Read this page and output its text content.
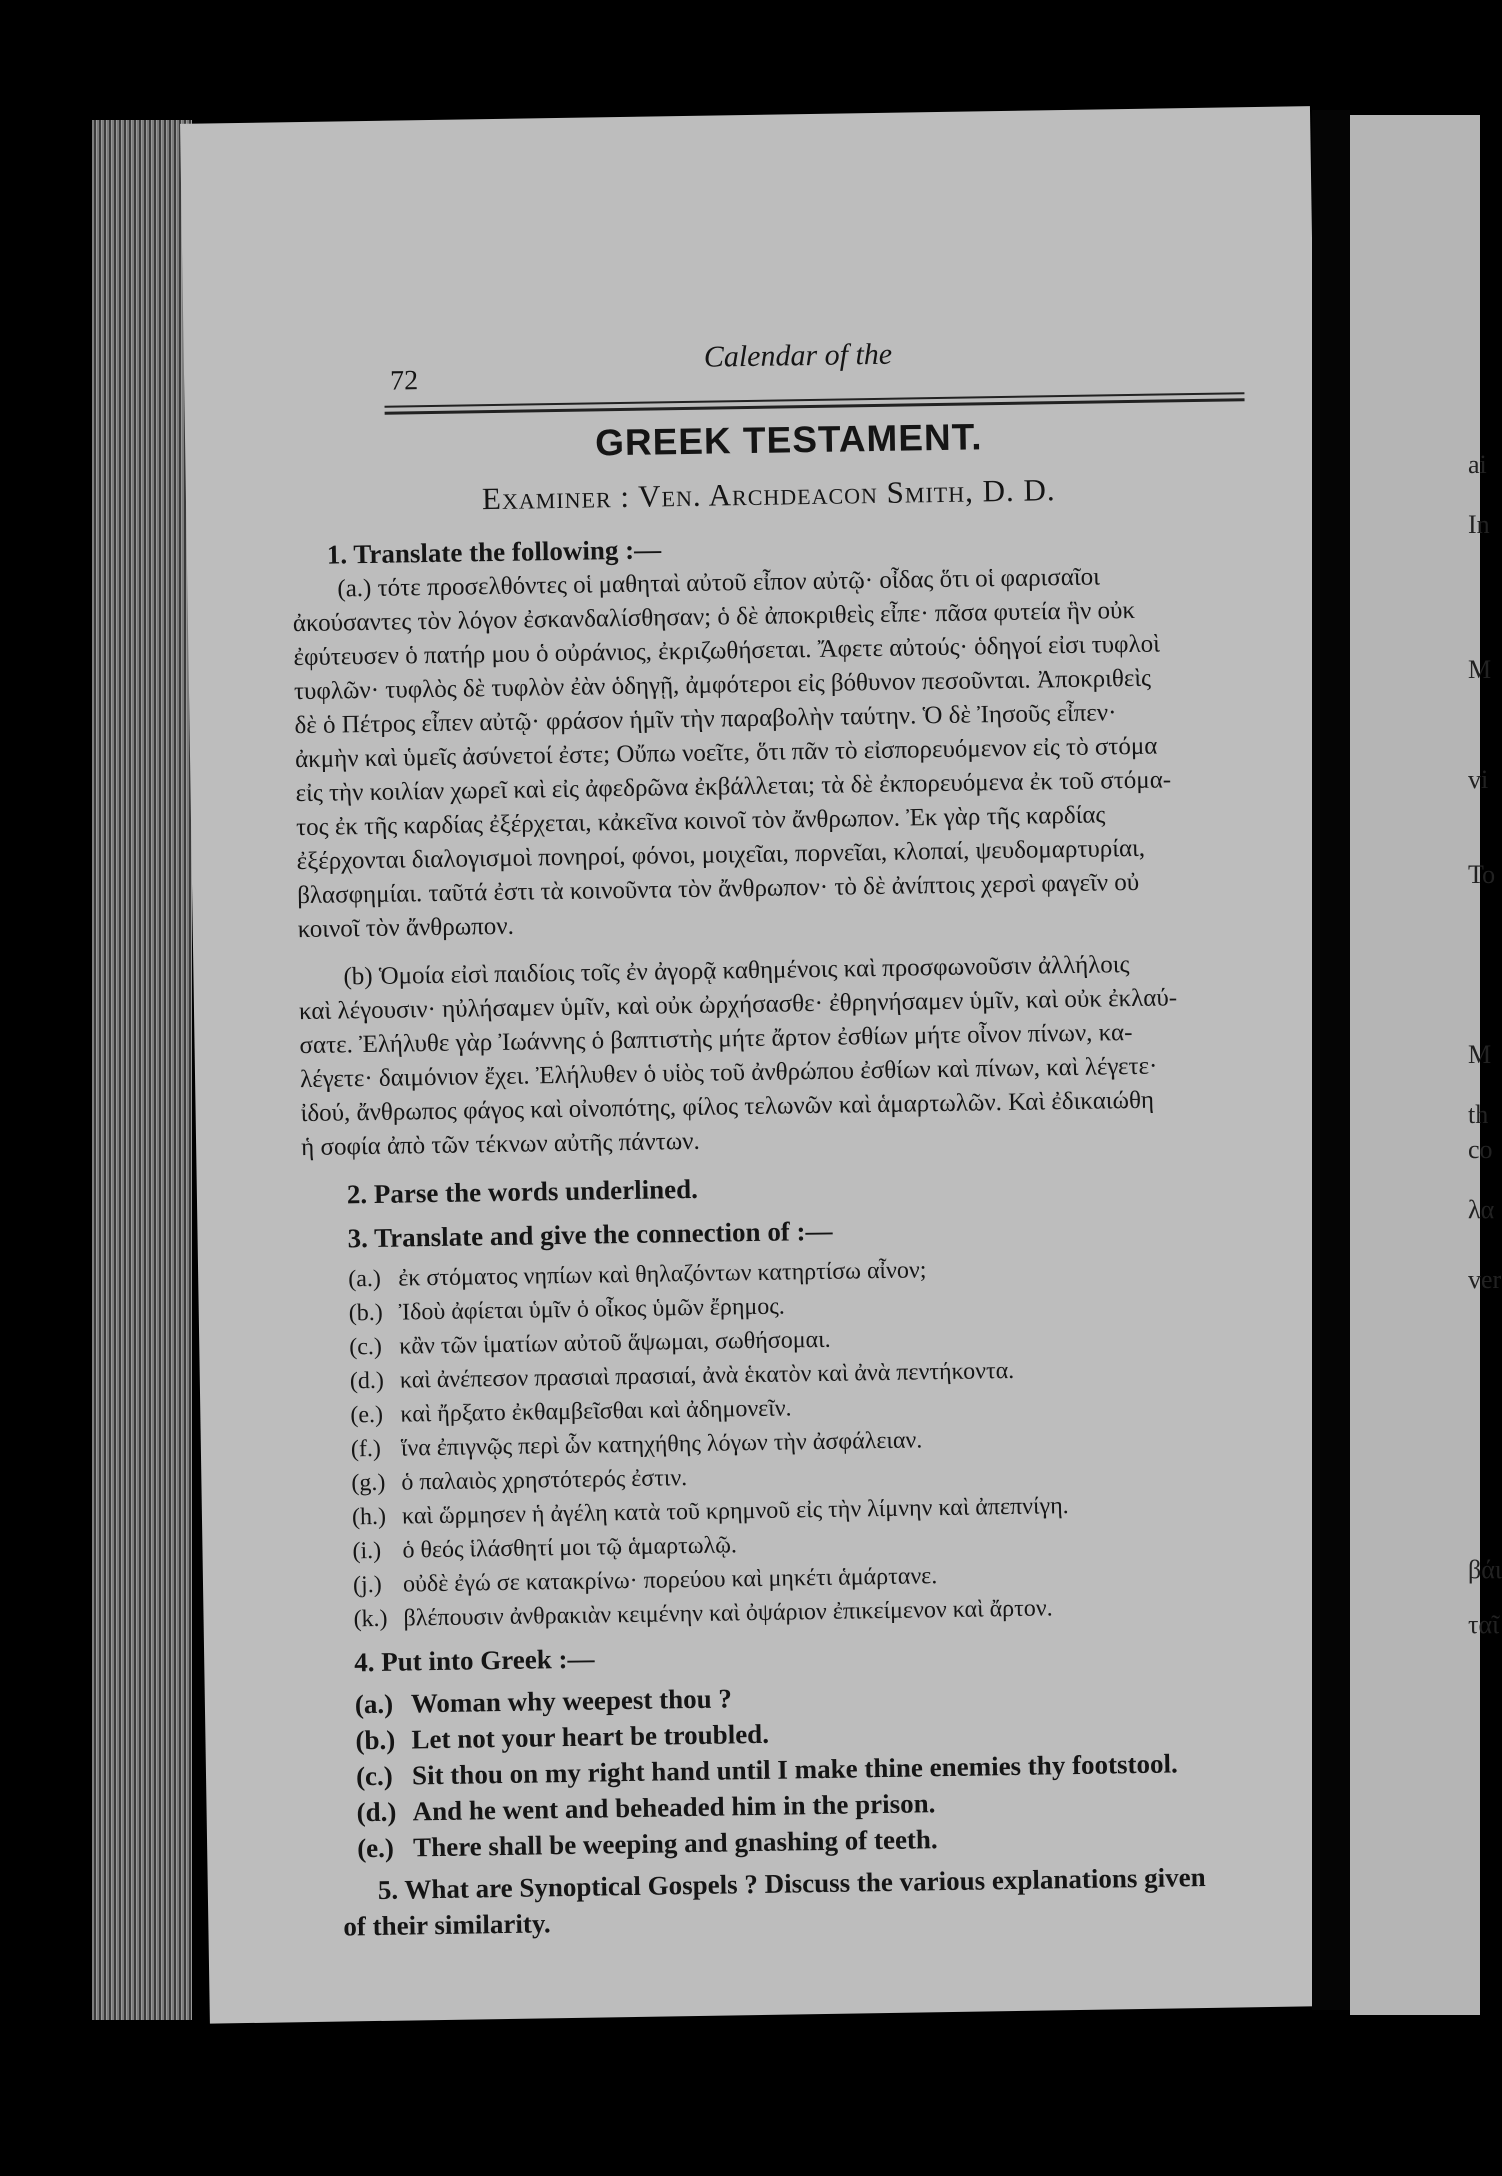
72
Calendar of the
GREEK TESTAMENT.
Examiner : Ven. Archdeacon Smith, D. D.
1. Translate the following :—
(a.) τότε προσελθόντες οἱ μαθηταὶ αὐτοῦ εἶπον αὐτῷ· οἶδας ὅτι οἱ φαρισαῖοι
ἀκούσαντες τὸν λόγον ἐσκανδαλίσθησαν; ὁ δὲ ἀποκριθεὶς εἶπε· πᾶσα φυτεία ἣν οὐκ
ἐφύτευσεν ὁ πατήρ μου ὁ οὐράνιος, ἐκριζωθήσεται. Ἄφετε αὐτούς· ὁδηγοί εἰσι τυφλοὶ
τυφλῶν· τυφλὸς δὲ τυφλὸν ἐὰν ὁδηγῇ, ἀμφότεροι εἰς βόθυνον πεσοῦνται. Ἀποκριθεὶς
δὲ ὁ Πέτρος εἶπεν αὐτῷ· φράσον ἡμῖν τὴν παραβολὴν ταύτην. Ὁ δὲ Ἰησοῦς εἶπεν·
ἀκμὴν καὶ ὑμεῖς ἀσύνετοί ἐστε; Οὔπω νοεῖτε, ὅτι πᾶν τὸ εἰσπορευόμενον εἰς τὸ στόμα
εἰς τὴν κοιλίαν χωρεῖ καὶ εἰς ἀφεδρῶνα ἐκβάλλεται; τὰ δὲ ἐκπορευόμενα ἐκ τοῦ στόμα-
τος ἐκ τῆς καρδίας ἐξέρχεται, κἀκεῖνα κοινοῖ τὸν ἄνθρωπον. Ἐκ γὰρ τῆς καρδίας
ἐξέρχονται διαλογισμοὶ πονηροί, φόνοι, μοιχεῖαι, πορνεῖαι, κλοπαί, ψευδομαρτυρίαι,
βλασφημίαι. ταῦτά ἐστι τὰ κοινοῦντα τὸν ἄνθρωπον· τὸ δὲ ἀνίπτοις χερσὶ φαγεῖν οὐ
κοινοῖ τὸν ἄνθρωπον.
(b) Ὁμοία εἰσὶ παιδίοις τοῖς ἐν ἀγορᾷ καθημένοις καὶ προσφωνοῦσιν ἀλλήλοις
καὶ λέγουσιν· ηὐλήσαμεν ὑμῖν, καὶ οὐκ ὠρχήσασθε· ἐθρηνήσαμεν ὑμῖν, καὶ οὐκ ἐκλαύ-
σατε. Ἐλήλυθε γὰρ Ἰωάννης ὁ βαπτιστὴς μήτε ἄρτον ἐσθίων μήτε οἶνον πίνων, κα-
λέγετε· δαιμόνιον ἔχει. Ἐλήλυθεν ὁ υἱὸς τοῦ ἀνθρώπου ἐσθίων καὶ πίνων, καὶ λέγετε·
ἰδού, ἄνθρωπος φάγος καὶ οἰνοπότης, φίλος τελωνῶν καὶ ἁμαρτωλῶν. Καὶ ἐδικαιώθη
ἡ σοφία ἀπὸ τῶν τέκνων αὐτῆς πάντων.
2. Parse the words underlined.
3. Translate and give the connection of :—
(a.) ἐκ στόματος νηπίων καὶ θηλαζόντων κατηρτίσω αἶνον;
(b.) Ἰδοὺ ἀφίεται ὑμῖν ὁ οἶκος ὑμῶν ἔρημος.
(c.) κἂν τῶν ἱματίων αὐτοῦ ἅψωμαι, σωθήσομαι.
(d.) καὶ ἀνέπεσον πρασιαὶ πρασιαί, ἀνὰ ἑκατὸν καὶ ἀνὰ πεντήκοντα.
(e.) καὶ ἤρξατο ἐκθαμβεῖσθαι καὶ ἀδημονεῖν.
(f.) ἵνα ἐπιγνῷς περὶ ὧν κατηχήθης λόγων τὴν ἀσφάλειαν.
(g.) ὁ παλαιὸς χρηστότερός ἐστιν.
(h.) καὶ ὥρμησεν ἡ ἀγέλη κατὰ τοῦ κρημνοῦ εἰς τὴν λίμνην καὶ ἀπεπνίγη.
(i.) ὁ θεός ἱλάσθητί μοι τῷ ἁμαρτωλῷ.
(j.) οὐδὲ ἐγώ σε κατακρίνω· πορεύου καὶ μηκέτι ἁμάρτανε.
(k.) βλέπουσιν ἀνθρακιὰν κειμένην καὶ ὀψάριον ἐπικείμενον καὶ ἄρτον.
4. Put into Greek :—
(a.) Woman why weepest thou ?
(b.) Let not your heart be troubled.
(c.) Sit thou on my right hand until I make thine enemies thy footstool.
(d.) And he went and beheaded him in the prison.
(e.) There shall be weeping and gnashing of teeth.
5. What are Synoptical Gospels ? Discuss the various explanations given
of their similarity.
ai
In
M
vi
To
M
th
co
λα
ver
βάι
ταῖ
